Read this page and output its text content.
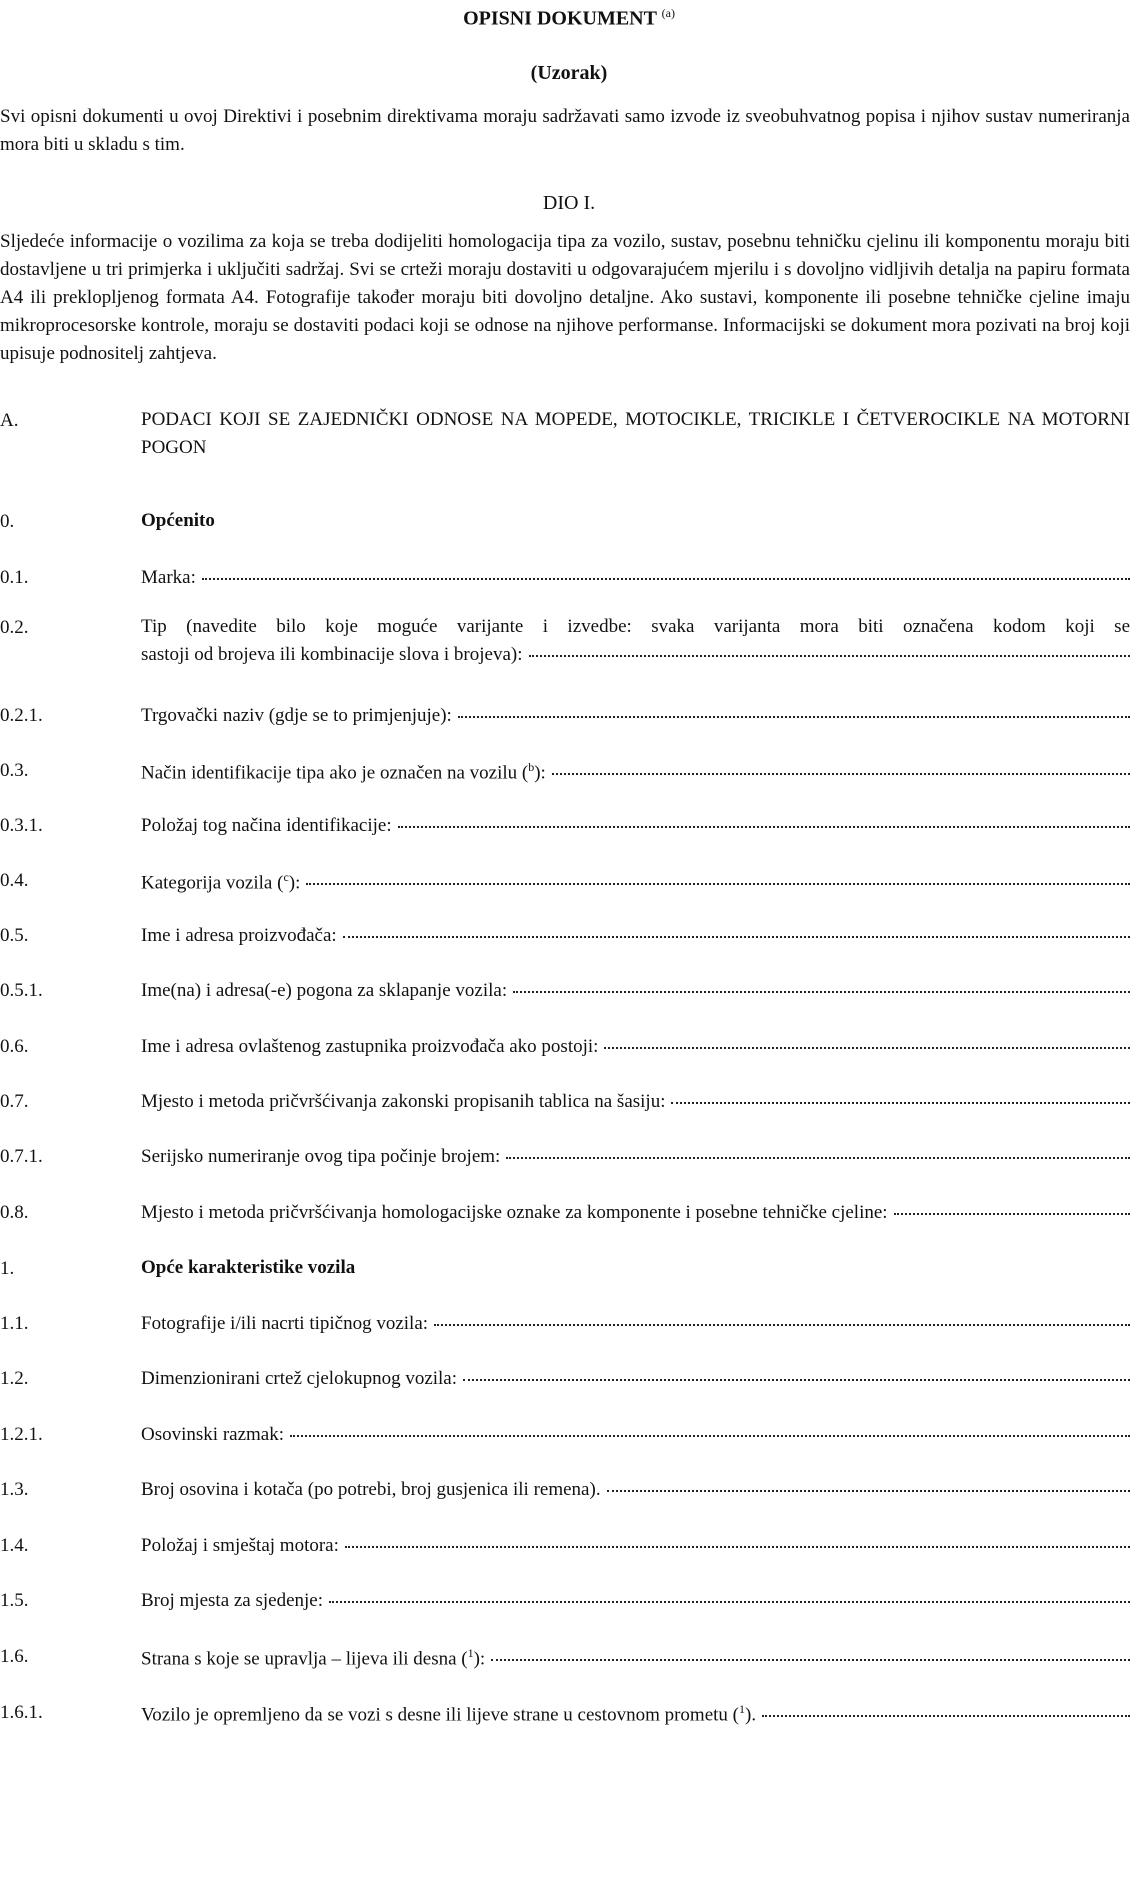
OPISNI DOKUMENT $^{(a)}$
(Uzorak)
Svi opisni dokumenti u ovoj Direktivi i posebnim direktivama moraju sadržavati samo izvode iz sveobuhvatnog popisa i njihov sustav numeriranja mora biti u skladu s tim.
DIO I.
Sljedeće informacije o vozilima za koja se treba dodijeliti homologacija tipa za vozilo, sustav, posebnu tehničku cjelinu ili komponentu moraju biti dostavljene u tri primjerka i uključiti sadržaj. Svi se crteži moraju dostaviti u odgovarajućem mjerilu i s dovoljno vidljivih detalja na papiru formata A4 ili preklopljenog formata A4. Fotografije također moraju biti dovoljno detaljne. Ako sustavi, komponente ili posebne tehničke cjeline imaju mikroprocesorske kontrole, moraju se dostaviti podaci koji se odnose na njihove performanse. Informacijski se dokument mora pozivati na broj koji upisuje podnositelj zahtjeva.
A.	PODACI KOJI SE ZAJEDNIČKI ODNOSE NA MOPEDE, MOTOCIKLE, TRICIKLE I ČETVEROCIKLE NA MOTORNI POGON
0.	Općenito
0.1.	Marka:
0.2.	Tip (navedite bilo koje moguće varijante i izvedbe: svaka varijanta mora biti označena kodom koji se
sastoji od brojeva ili kombinacije slova i brojeva):
0.2.1.	Trgovački naziv (gdje se to primjenjuje):
0.3.	Način identifikacije tipa ako je označen na vozilu ($^b$):
0.3.1.	Položaj tog načina identifikacije:
0.4.	Kategorija vozila ($^c$):
0.5.	Ime i adresa proizvođača:
0.5.1.	Ime(na) i adresa(-e) pogona za sklapanje vozila:
0.6.	Ime i adresa ovlaštenog zastupnika proizvođača ako postoji:
0.7.	Mjesto i metoda pričvršćivanja zakonski propisanih tablica na šasiju:
0.7.1.	Serijsko numeriranje ovog tipa počinje brojem:
0.8.	Mjesto i metoda pričvršćivanja homologacijske oznake za komponente i posebne tehničke cjeline:
1.	Opće karakteristike vozila
1.1.	Fotografije i/ili nacrti tipičnog vozila:
1.2.	Dimenzionirani crtež cjelokupnog vozila:
1.2.1.	Osovinski razmak:
1.3.	Broj osovina i kotača (po potrebi, broj gusjenica ili remena).
1.4.	Položaj i smještaj motora:
1.5.	Broj mjesta za sjedenje:
1.6.	Strana s koje se upravlja – lijeva ili desna ($^1$):
1.6.1.	Vozilo je opremljeno da se vozi s desne ili lijeve strane u cestovnom prometu ($^1$).
